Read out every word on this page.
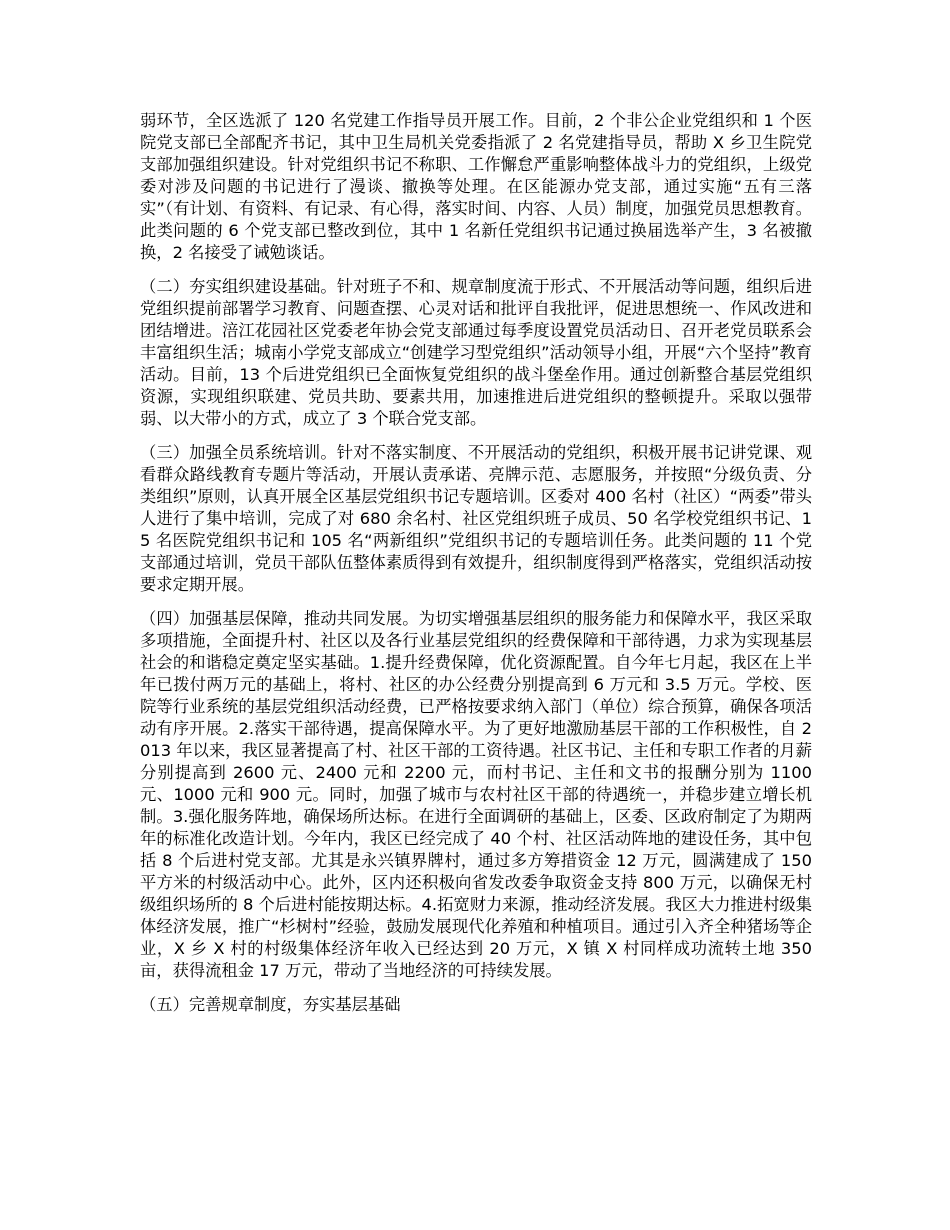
弱环节，全区选派了 120 名党建工作指导员开展工作。目前，2 个非公企业党组织和 1 个医院党支部已全部配齐书记，其中卫生局机关党委指派了 2 名党建指导员，帮助 X 乡卫生院党支部加强组织建设。针对党组织书记不称职、工作懈怠严重影响整体战斗力的党组织，上级党委对涉及问题的书记进行了漫谈、撤换等处理。在区能源办党支部，通过实施“五有三落实”（有计划、有资料、有记录、有心得，落实时间、内容、人员）制度，加强党员思想教育。此类问题的 6 个党支部已整改到位，其中 1 名新任党组织书记通过换届选举产生，3 名被撤换，2 名接受了诫勉谈话。

（二）夯实组织建设基础。针对班子不和、规章制度流于形式、不开展活动等问题，组织后进党组织提前部署学习教育、问题查摆、心灵对话和批评自我批评，促进思想统一、作风改进和团结增进。涪江花园社区党委老年协会党支部通过每季度设置党员活动日、召开老党员联系会丰富组织生活；城南小学党支部成立“创建学习型党组织”活动领导小组，开展“六个坚持”教育活动。目前，13 个后进党组织已全面恢复党组织的战斗堡垒作用。通过创新整合基层党组织资源，实现组织联建、党员共助、要素共用，加速推进后进党组织的整顿提升。采取以强带弱、以大带小的方式，成立了 3 个联合党支部。

（三）加强全员系统培训。针对不落实制度、不开展活动的党组织，积极开展书记讲党课、观看群众路线教育专题片等活动，开展认责承诺、亮牌示范、志愿服务，并按照“分级负责、分类组织”原则，认真开展全区基层党组织书记专题培训。区委对 400 名村（社区）“两委”带头人进行了集中培训，完成了对 680 余名村、社区党组织班子成员、50 名学校党组织书记、15 名医院党组织书记和 105 名“两新组织”党组织书记的专题培训任务。此类问题的 11 个党支部通过培训，党员干部队伍整体素质得到有效提升，组织制度得到严格落实，党组织活动按要求定期开展。

（四）加强基层保障，推动共同发展。为切实增强基层组织的服务能力和保障水平，我区采取多项措施，全面提升村、社区以及各行业基层党组织的经费保障和干部待遇，力求为实现基层社会的和谐稳定奠定坚实基础。1.提升经费保障，优化资源配置。自今年七月起，我区在上半年已拨付两万元的基础上，将村、社区的办公经费分别提高到 6 万元和 3.5 万元。学校、医院等行业系统的基层党组织活动经费，已严格按要求纳入部门（单位）综合预算，确保各项活动有序开展。2.落实干部待遇，提高保障水平。为了更好地激励基层干部的工作积极性，自 2013 年以来，我区显著提高了村、社区干部的工资待遇。社区书记、主任和专职工作者的月薪分别提高到 2600 元、2400 元和 2200 元，而村书记、主任和文书的报酬分别为 1100 元、1000 元和 900 元。同时，加强了城市与农村社区干部的待遇统一，并稳步建立增长机制。3.强化服务阵地，确保场所达标。在进行全面调研的基础上，区委、区政府制定了为期两年的标准化改造计划。今年内，我区已经完成了 40 个村、社区活动阵地的建设任务，其中包括 8 个后进村党支部。尤其是永兴镇界牌村，通过多方筹措资金 12 万元，圆满建成了 150 平方米的村级活动中心。此外，区内还积极向省发改委争取资金支持 800 万元，以确保无村级组织场所的 8 个后进村能按期达标。4.拓宽财力来源，推动经济发展。我区大力推进村级集体经济发展，推广“杉树村”经验，鼓励发展现代化养殖和种植项目。通过引入齐全种猪场等企业，X 乡 X 村的村级集体经济年收入已经达到 20 万元，X 镇 X 村同样成功流转土地 350 亩，获得流租金 17 万元，带动了当地经济的可持续发展。

（五）完善规章制度，夯实基层基础
